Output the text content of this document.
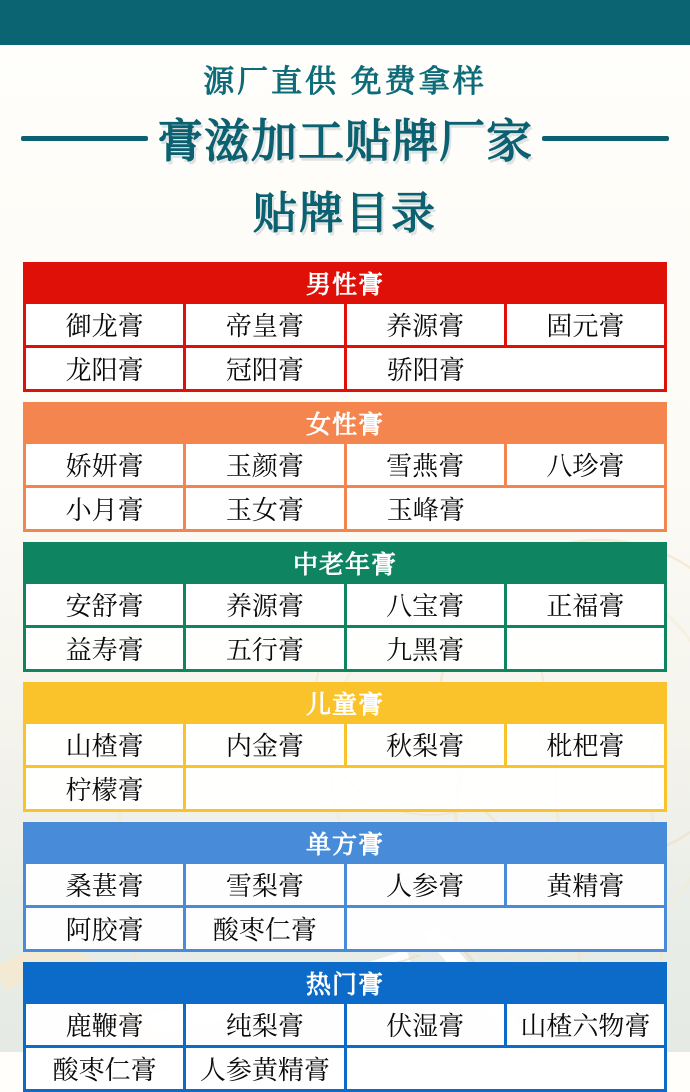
源厂直供 免费拿样
膏滋加工贴牌厂家
贴牌目录
男性膏			
御龙膏	帝皇膏	养源膏	固元膏
龙阳膏	冠阳膏	骄阳膏	
女性膏			
娇妍膏	玉颜膏	雪燕膏	八珍膏
小月膏	玉女膏	玉峰膏	
中老年膏			
安舒膏	养源膏	八宝膏	正福膏
益寿膏	五行膏	九黑膏	
儿童膏			
山楂膏	内金膏	秋梨膏	枇杷膏
柠檬膏			
单方膏			
桑葚膏	雪梨膏	人参膏	黄精膏
阿胶膏	酸枣仁膏		
热门膏			
鹿鞭膏	纯梨膏	伏湿膏	山楂六物膏
酸枣仁膏	人参黄精膏		
